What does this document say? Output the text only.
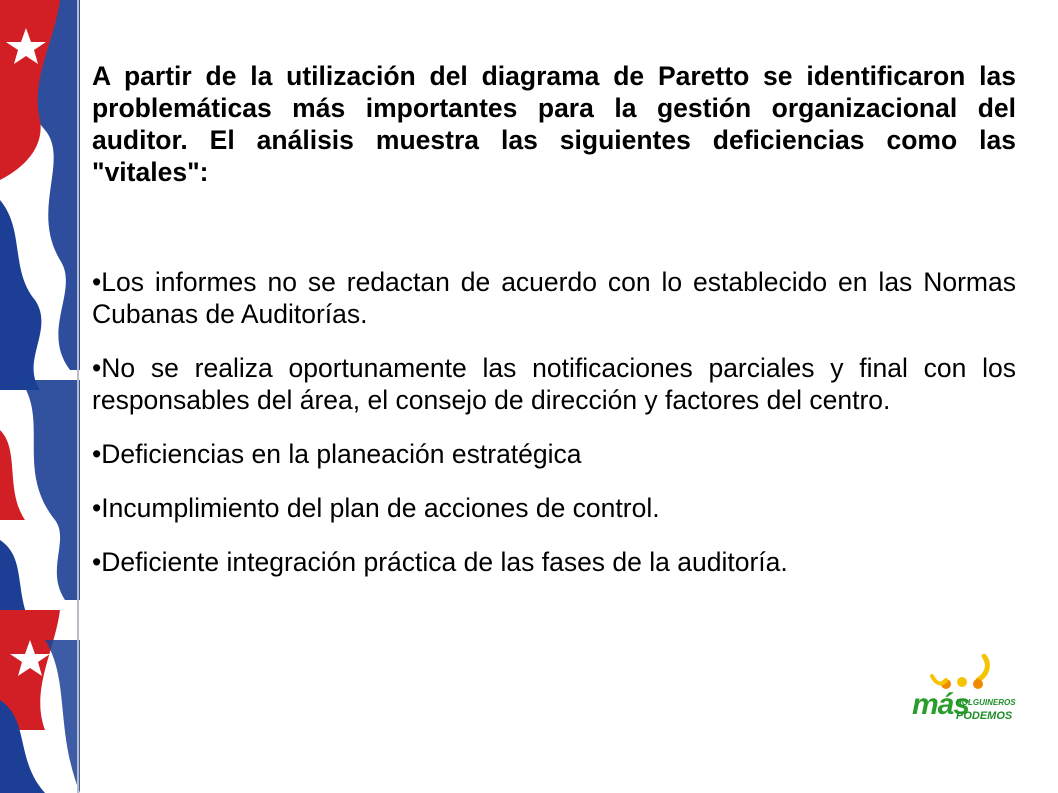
A partir de la utilización del diagrama de Paretto se identificaron las problemáticas más importantes para la gestión organizacional del auditor. El análisis muestra las siguientes deficiencias como las "vitales":

•Los informes no se redactan de acuerdo con lo establecido en las Normas Cubanas de Auditorías.
•No se realiza oportunamente las notificaciones parciales y final con los responsables del área, el consejo de dirección y factores del centro.
•Deficiencias en la planeación estratégica
•Incumplimiento del plan de acciones de control.
•Deficiente integración práctica de las fases de la auditoría.
más
HOLGUINEROS
PODEMOS
